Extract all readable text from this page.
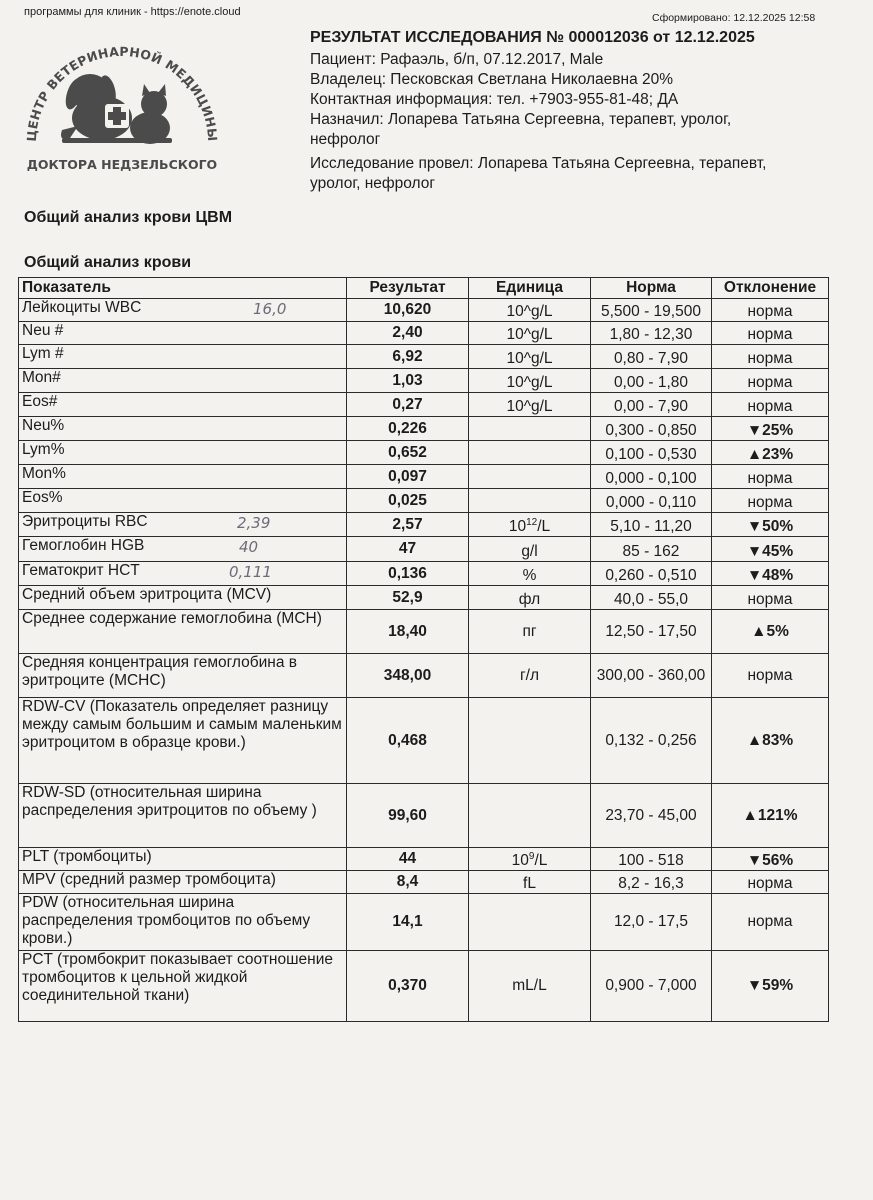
программы для клиник - https://enote.cloud	Сформировано: 12.12.2025 12:58
ЦЕНТР ВЕТЕРИНАРНОЙ МЕДИЦИНЫ
ДОКТОРА НЕДЗЕЛЬСКОГО
РЕЗУЛЬТАТ ИССЛЕДОВАНИЯ № 000012036 от 12.12.2025
Пациент: Рафаэль, б/п, 07.12.2017, Male
Владелец: Песковская Светлана Николаевна 20%
Контактная информация: тел. +7903-955-81-48; ДА
Назначил: Лопарева Татьяна Сергеевна, терапевт, уролог,
нефролог
Исследование провел: Лопарева Татьяна Сергеевна, терапевт,
уролог, нефролог
Общий анализ крови ЦВМ
Общий анализ крови
Показатель	Результат	Единица	Норма	Отклонение
Лейкоциты WBC 16,0	10,620	10^g/L	5,500 - 19,500	норма
Neu #	2,40	10^g/L	1,80 - 12,30	норма
Lym #	6,92	10^g/L	0,80 - 7,90	норма
Mon#	1,03	10^g/L	0,00 - 1,80	норма
Eos#	0,27	10^g/L	0,00 - 7,90	норма
Neu%	0,226		0,300 - 0,850	▼25%
Lym%	0,652		0,100 - 0,530	▲23%
Mon%	0,097		0,000 - 0,100	норма
Eos%	0,025		0,000 - 0,110	норма
Эритроциты RBC 2,39	2,57	$10^{12}/L$	5,10 - 11,20	▼50%
Гемоглобин HGB 40	47	g/l	85 - 162	▼45%
Гематокрит HCT 0,111	0,136	%	0,260 - 0,510	▼48%
Средний объем эритроцита (MCV)	52,9	фл	40,0 - 55,0	норма
Среднее содержание гемоглобина (MCH)	18,40	пг	12,50 - 17,50	▲5%
Средняя концентрация гемоглобина в эритроците (MCHC)	348,00	г/л	300,00 - 360,00	норма
RDW-CV (Показатель определяет разницу между самым большим и самым маленьким эритроцитом в образце крови.)	0,468		0,132 - 0,256	▲83%
RDW-SD (относительная ширина распределения эритроцитов по объему )	99,60		23,70 - 45,00	▲121%
PLT (тромбоциты)	44	$10^9/L$	100 - 518	▼56%
MPV (средний размер тромбоцита)	8,4	fL	8,2 - 16,3	норма
PDW (относительная ширина распределения тромбоцитов по объему крови.)	14,1		12,0 - 17,5	норма
PCT (тромбокрит показывает соотношение тромбоцитов к цельной жидкой соединительной ткани)	0,370	mL/L	0,900 - 7,000	▼59%
